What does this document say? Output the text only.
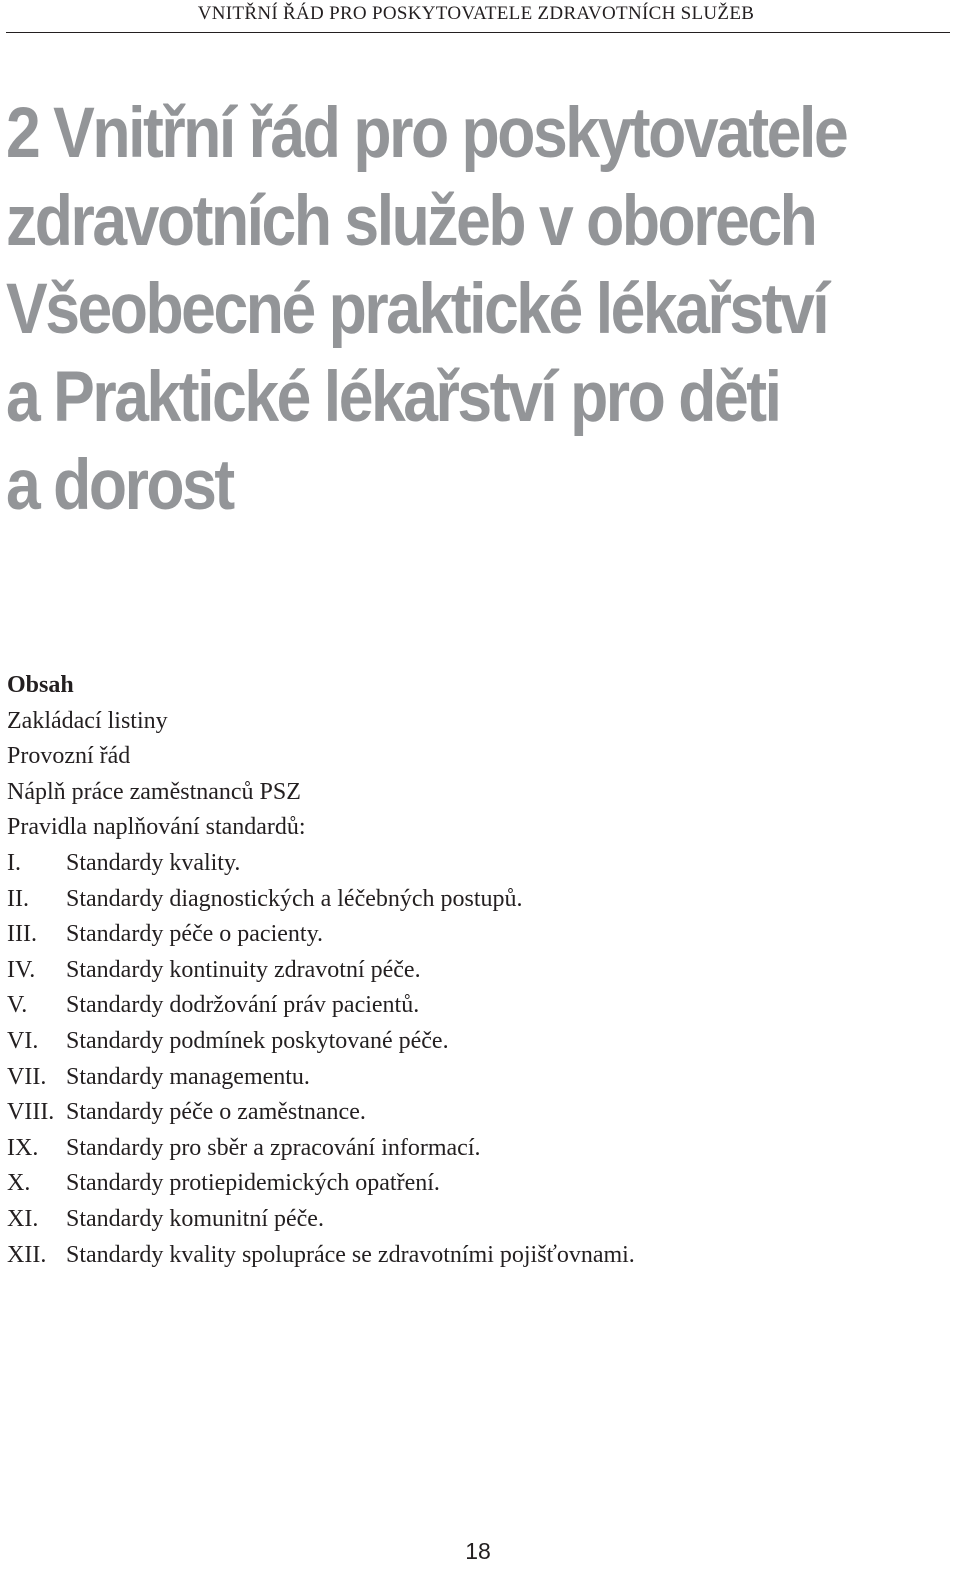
VNITŘNÍ ŘÁD PRO POSKYTOVATELE ZDRAVOTNÍCH SLUŽEB
2 Vnitřní řád pro poskytovatele
zdravotních služeb v oborech
Všeobecné praktické lékařství
a Praktické lékařství pro děti
a dorost

Obsah

Zakládací listiny

Provozní řád

Náplň práce zaměstnanců PSZ

Pravidla naplňování standardů:

I.	Standardy kvality.
II.	Standardy diagnostických a léčebných postupů.
III.	Standardy péče o pacienty.
IV.	Standardy kontinuity zdravotní péče.
V.	Standardy dodržování práv pacientů.
VI.	Standardy podmínek poskytované péče.
VII. Standardy managementu.
VIII. Standardy péče o zaměstnance.
IX.	Standardy pro sběr a zpracování informací.
X.	Standardy protiepidemických opatření.
XI.	Standardy komunitní péče.
XII. Standardy kvality spolupráce se zdravotními pojišťovnami.
18
